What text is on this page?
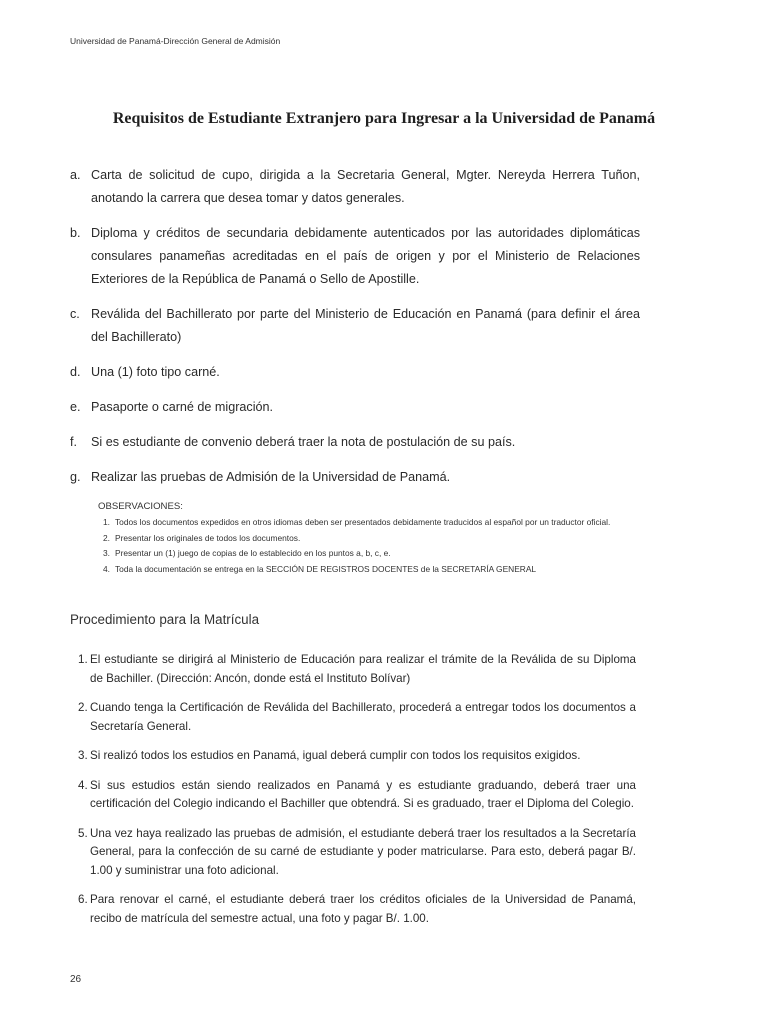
Universidad de Panamá-Dirección General de Admisión
Requisitos de Estudiante Extranjero para Ingresar a la Universidad de Panamá
a. Carta de solicitud de cupo, dirigida a la Secretaria General, Mgter. Nereyda Herrera Tuñon, anotando la carrera que desea tomar y datos generales.
b. Diploma y créditos de secundaria debidamente autenticados por las autoridades diplomáticas consulares panameñas acreditadas en el país de origen y por el Ministerio de Relaciones Exteriores de la República de Panamá o Sello de Apostille.
c. Reválida del Bachillerato por parte del Ministerio de Educación en Panamá (para definir el área del Bachillerato)
d. Una (1) foto tipo carné.
e. Pasaporte o carné de migración.
f.	Si es estudiante de convenio deberá traer la nota de postulación de su país.
g. Realizar las pruebas de Admisión de la Universidad de Panamá.
OBSERVACIONES:
1. Todos los documentos expedidos en otros idiomas deben ser presentados debidamente traducidos al español por un traductor oficial.
2. Presentar los originales de todos los documentos.
3. Presentar un (1) juego de copias de lo establecido en los puntos a, b, c, e.
4. Toda la documentación se entrega en la SECCIÓN DE REGISTROS DOCENTES de la SECRETARÍA GENERAL
Procedimiento para la Matrícula
1. El estudiante se dirigirá al Ministerio de Educación para realizar el trámite de la Reválida de su Diploma de Bachiller. (Dirección: Ancón, donde está el Instituto Bolívar)
2. Cuando tenga la Certificación de Reválida del Bachillerato, procederá a entregar todos los documentos a Secretaría General.
3. Si realizó todos los estudios en Panamá, igual deberá cumplir con todos los requisitos exigidos.
4. Si sus estudios están siendo realizados en Panamá y es estudiante graduando, deberá traer una certificación del Colegio indicando el Bachiller que obtendrá. Si es graduado, traer el Diploma del Colegio.
5. Una vez haya realizado las pruebas de admisión, el estudiante deberá traer los resultados a la Secretaría General, para la confección de su carné de estudiante y poder matricularse. Para esto, deberá pagar B/. 1.00 y suministrar una foto adicional.
6. Para renovar el carné, el estudiante deberá traer los créditos oficiales de la Universidad de Panamá, recibo de matrícula del semestre actual, una foto y pagar B/. 1.00.
26
